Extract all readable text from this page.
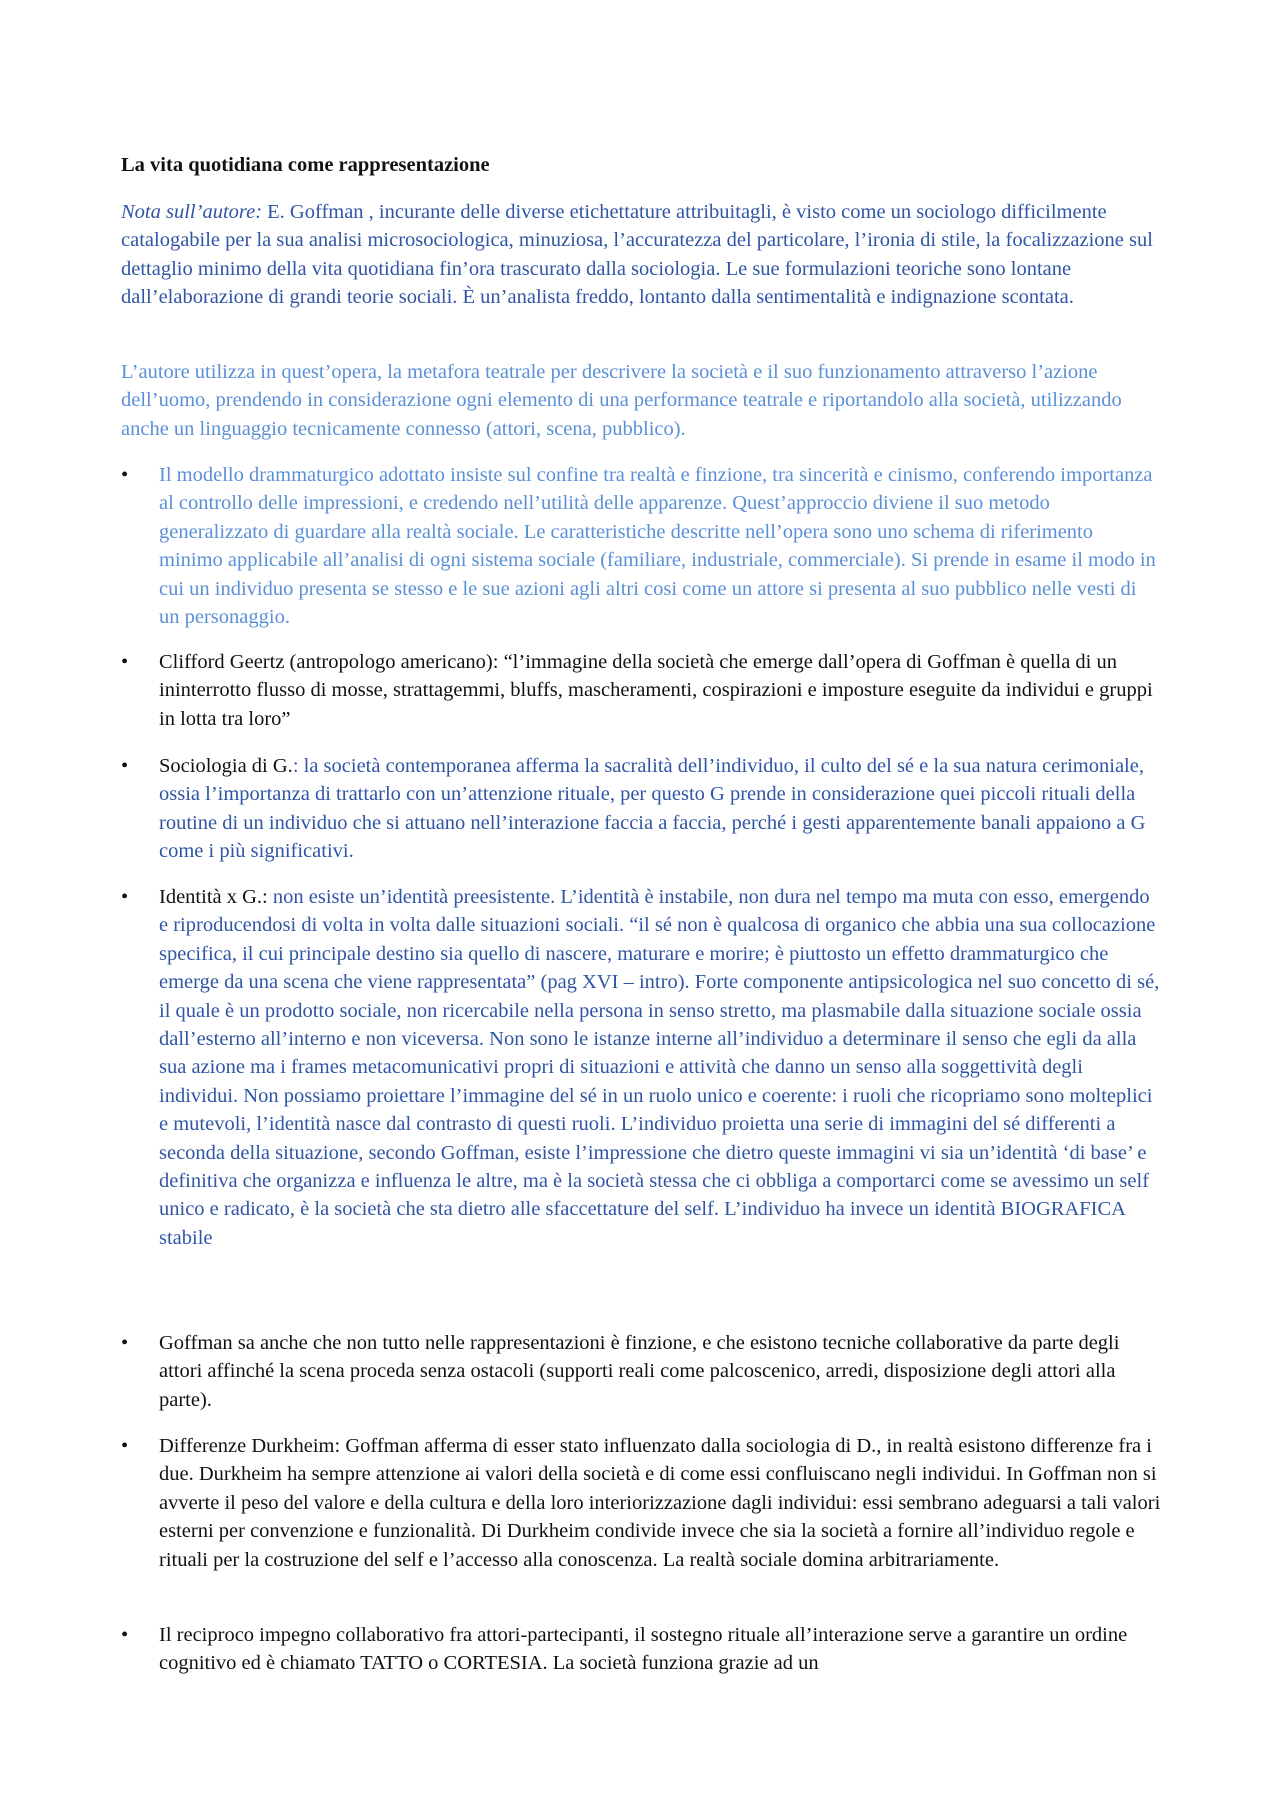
La vita quotidiana come rappresentazione

Nota sull’autore: E. Goffman , incurante delle diverse etichettature attribuitagli, è visto come un sociologo difficilmente catalogabile per la sua analisi microsociologica, minuziosa, l’accuratezza del particolare, l’ironia di stile, la focalizzazione sul dettaglio minimo della vita quotidiana fin’ora trascurato dalla sociologia. Le sue formulazioni teoriche sono lontane dall’elaborazione di grandi teorie sociali. È un’analista freddo, lontanto dalla sentimentalità e indignazione scontata.

L’autore utilizza in quest’opera, la metafora teatrale per descrivere la società e il suo funzionamento attraverso l’azione dell’uomo, prendendo in considerazione ogni elemento di una performance teatrale e riportandolo alla società, utilizzando anche un linguaggio tecnicamente connesso (attori, scena, pubblico).

• Il modello drammaturgico adottato insiste sul confine tra realtà e finzione, tra sincerità e cinismo, conferendo importanza al controllo delle impressioni, e credendo nell’utilità delle apparenze. Quest’approccio diviene il suo metodo generalizzato di guardare alla realtà sociale. Le caratteristiche descritte nell’opera sono uno schema di riferimento minimo applicabile all’analisi di ogni sistema sociale (familiare, industriale, commerciale). Si prende in esame il modo in cui un individuo presenta se stesso e le sue azioni agli altri cosi come un attore si presenta al suo pubblico nelle vesti di un personaggio.
• Clifford Geertz (antropologo americano): “l’immagine della società che emerge dall’opera di Goffman è quella di un ininterrotto flusso di mosse, strattagemmi, bluffs, mascheramenti, cospirazioni e imposture eseguite da individui e gruppi in lotta tra loro”
• Sociologia di G.: la società contemporanea afferma la sacralità dell’individuo, il culto del sé e la sua natura cerimoniale, ossia l’importanza di trattarlo con un’attenzione rituale, per questo G prende in considerazione quei piccoli rituali della routine di un individuo che si attuano nell’interazione faccia a faccia, perché i gesti apparentemente banali appaiono a G come i più significativi.
• Identità x G.: non esiste un’identità preesistente. L’identità è instabile, non dura nel tempo ma muta con esso, emergendo e riproducendosi di volta in volta dalle situazioni sociali. “il sé non è qualcosa di organico che abbia una sua collocazione specifica, il cui principale destino sia quello di nascere, maturare e morire; è piuttosto un effetto drammaturgico che emerge da una scena che viene rappresentata” (pag XVI – intro). Forte componente antipsicologica nel suo concetto di sé, il quale è un prodotto sociale, non ricercabile nella persona in senso stretto, ma plasmabile dalla situazione sociale ossia dall’esterno all’interno e non viceversa. Non sono le istanze interne all’individuo a determinare il senso che egli da alla sua azione ma i frames metacomunicativi propri di situazioni e attività che danno un senso alla soggettività degli individui. Non possiamo proiettare l’immagine del sé in un ruolo unico e coerente: i ruoli che ricopriamo sono molteplici e mutevoli, l’identità nasce dal contrasto di questi ruoli. L’individuo proietta una serie di immagini del sé differenti a seconda della situazione, secondo Goffman, esiste l’impressione che dietro queste immagini vi sia un’identità ‘di base’ e definitiva che organizza e influenza le altre, ma è la società stessa che ci obbliga a comportarci come se avessimo un self unico e radicato, è la società che sta dietro alle sfaccettature del self. L’individuo ha invece un identità BIOGRAFICA stabile
• Goffman sa anche che non tutto nelle rappresentazioni è finzione, e che esistono tecniche collaborative da parte degli attori affinché la scena proceda senza ostacoli (supporti reali come palcoscenico, arredi, disposizione degli attori alla parte).
• Differenze Durkheim: Goffman afferma di esser stato influenzato dalla sociologia di D., in realtà esistono differenze fra i due. Durkheim ha sempre attenzione ai valori della società e di come essi confluiscano negli individui. In Goffman non si avverte il peso del valore e della cultura e della loro interiorizzazione dagli individui: essi sembrano adeguarsi a tali valori esterni per convenzione e funzionalità. Di Durkheim condivide invece che sia la società a fornire all’individuo regole e rituali per la costruzione del self e l’accesso alla conoscenza. La realtà sociale domina arbitrariamente.
• Il reciproco impegno collaborativo fra attori-partecipanti, il sostegno rituale all’interazione serve a garantire un ordine cognitivo ed è chiamato TATTO o CORTESIA. La società funziona grazie ad un
